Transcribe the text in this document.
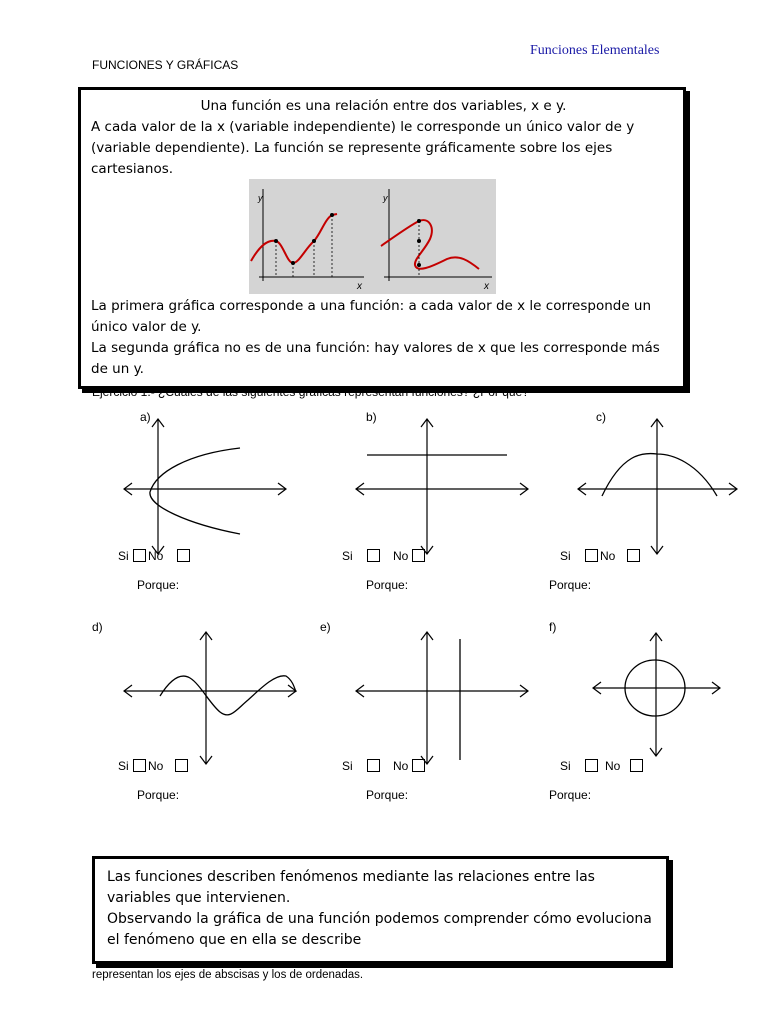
Funciones Elementales
FUNCIONES Y GRÁFICAS
Una función es una relación entre dos variables, x e y.
A cada valor de la x (variable independiente) le corresponde un único valor de y (variable dependiente). La función se represente gráficamente sobre los ejes cartesianos.
y
x
y
x
La primera gráfica corresponde a una función: a cada valor de x le corresponde un único valor de y.
La segunda gráfica no es de una función: hay valores de x que les corresponde más de un y.
Ejercicio 1.- ¿Cuáles de las siguientes gráficas representan funciones? ¿Por qué?
a)
Si No
Porque:
b)
Si	No
Porque:
c)
Si No
Porque:
d)
Si No
Porque:
e)
Si	No
Porque:
f)
Si	No
Porque:
Las funciones describen fenómenos mediante las relaciones entre las variables que intervienen.
Observando la gráfica de una función podemos comprender cómo evoluciona el fenómeno que en ella se describe
representan los ejes de abscisas y los de ordenadas.
